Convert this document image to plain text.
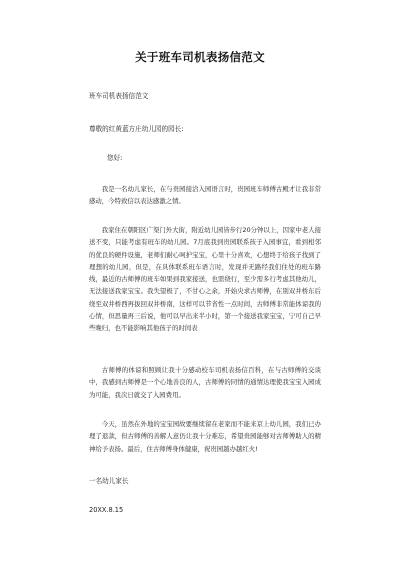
关于班车司机表扬信范文
班车司机表扬信范文
尊敬的红黄蓝方庄幼儿园的园长:
您好:
我是一名幼儿家长，在与贵园接洽入园语言时，贵园班车师傅古殿才让我非常感动，今特致信以表达感激之情。
我家住在朝阳区广渠门外大街，附近幼儿园皆步行20分钟以上，因家中老人接送不变，只能考虑有班车的幼儿园。7月底我到贵园联系孩子入园事宜，看到相邻的优良的硬件设施，老师们耐心呵护宝宝，心里十分喜欢，心想终于给孩子找到了理想的幼儿园，但是，在具体联系班车语言时，发现并无路经我们住处的班车路线，最近的古师傅的班车如果到我家接送，也需绕行，至少需多行考虑其他幼儿，无法接送我家宝宝。我失望极了，不甘心之余，开始央求古师傅，在别双井桥东后绕至双井桥西再拔回双井桥南，这样可以节省性一点时间，古师傅非常能体谅我的心情，但思量再三后说，他可以早出来半小时，第一个接送我家宝宝，宁可自己早些晚归，也不能影响其他孩子的时间表
古师傅的体谅和照顾让我十分感动校车司机表扬信百科，在与古师傅的交谈中，我感到古师傅是一个心地善良的人，古师傅的同情的通情达理使我宝宝入园成为可能，我次日就交了入园费用。
今天，虽然在外地的宝宝园故要继续留在老家而不能来京上幼儿园，我们已办理了退款，但古师傅的善解人意仍让我十分难忘，希望贵园能够对古师傅助人的精神给予表扬。最后，住古师傅身体健康，祝贵园越办越红火!
一名幼儿家长
20XX.8.15
